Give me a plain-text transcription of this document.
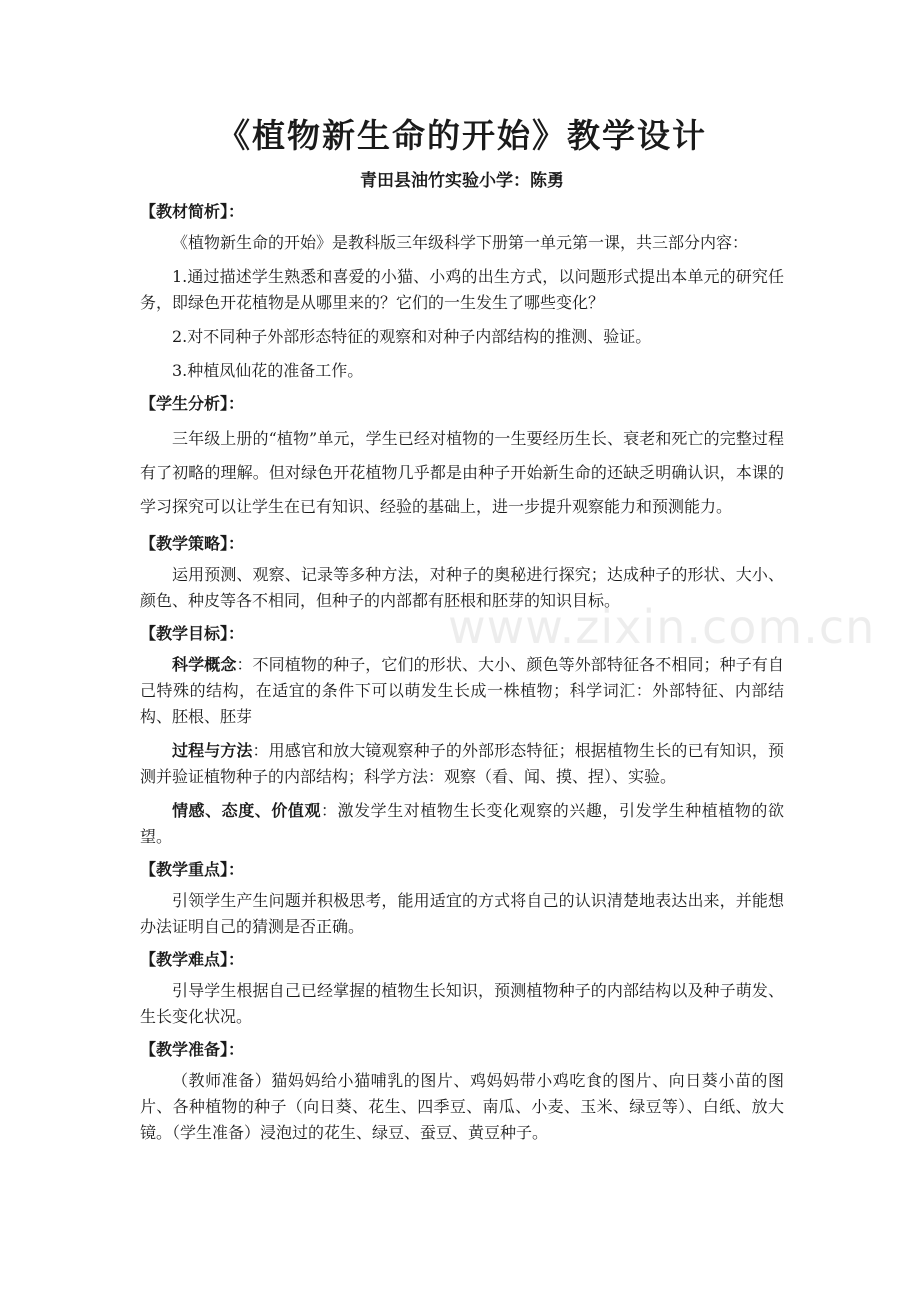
《植物新生命的开始》教学设计
青田县油竹实验小学：陈勇
【教材简析】：
《植物新生命的开始》是教科版三年级科学下册第一单元第一课，共三部分内容：
1.通过描述学生熟悉和喜爱的小猫、小鸡的出生方式，以问题形式提出本单元的研究任务，即绿色开花植物是从哪里来的？它们的一生发生了哪些变化？
2.对不同种子外部形态特征的观察和对种子内部结构的推测、验证。
3.种植凤仙花的准备工作。
【学生分析】：
三年级上册的“植物”单元，学生已经对植物的一生要经历生长、衰老和死亡的完整过程有了初略的理解。但对绿色开花植物几乎都是由种子开始新生命的还缺乏明确认识，本课的学习探究可以让学生在已有知识、经验的基础上，进一步提升观察能力和预测能力。
【教学策略】：
运用预测、观察、记录等多种方法，对种子的奥秘进行探究；达成种子的形状、大小、颜色、种皮等各不相同，但种子的内部都有胚根和胚芽的知识目标。
【教学目标】：
科学概念：不同植物的种子，它们的形状、大小、颜色等外部特征各不相同；种子有自己特殊的结构，在适宜的条件下可以萌发生长成一株植物；科学词汇：外部特征、内部结构、胚根、胚芽
过程与方法：用感官和放大镜观察种子的外部形态特征；根据植物生长的已有知识，预测并验证植物种子的内部结构；科学方法：观察（看、闻、摸、捏）、实验。
情感、态度、价值观：激发学生对植物生长变化观察的兴趣，引发学生种植植物的欲望。
【教学重点】：
引领学生产生问题并积极思考，能用适宜的方式将自己的认识清楚地表达出来，并能想办法证明自己的猜测是否正确。
【教学难点】：
引导学生根据自己已经掌握的植物生长知识，预测植物种子的内部结构以及种子萌发、生长变化状况。
【教学准备】：
（教师准备）猫妈妈给小猫哺乳的图片、鸡妈妈带小鸡吃食的图片、向日葵小苗的图片、各种植物的种子（向日葵、花生、四季豆、南瓜、小麦、玉米、绿豆等）、白纸、放大镜。（学生准备）浸泡过的花生、绿豆、蚕豆、黄豆种子。
www.zixin.com.cn
